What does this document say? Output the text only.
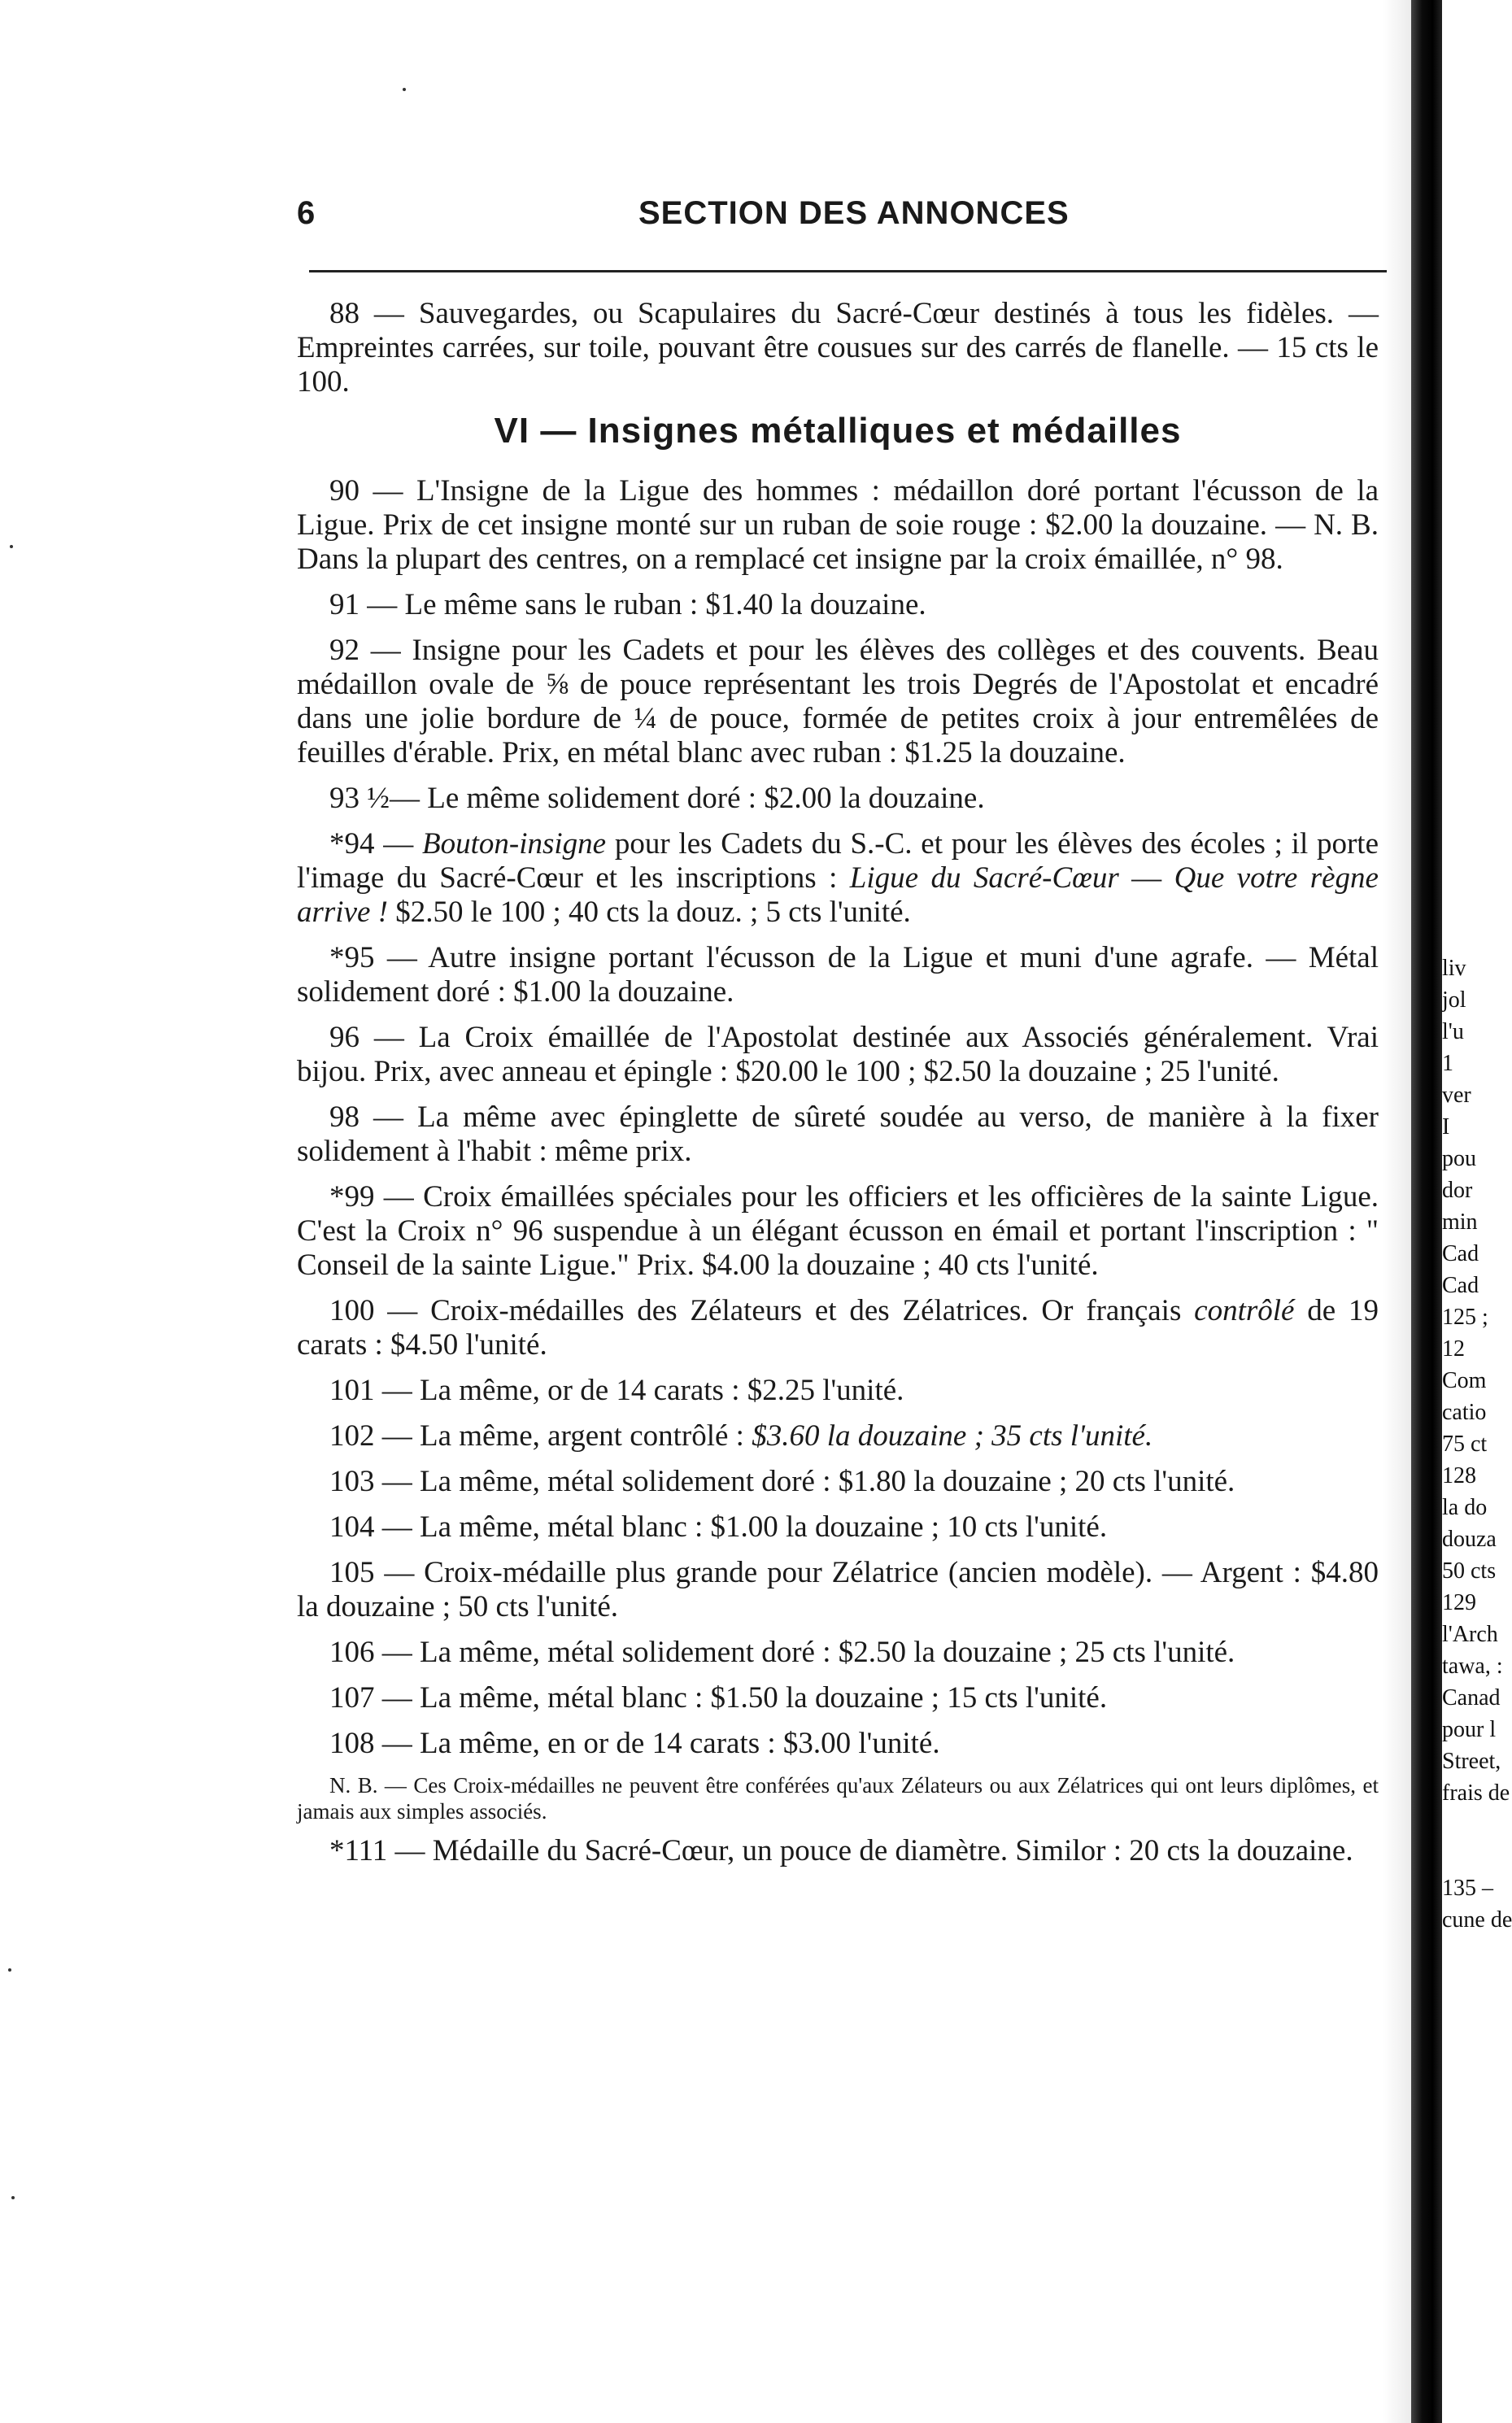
6	SECTION DES ANNONCES

88 — Sauvegardes, ou Scapulaires du Sacré-Cœur destinés à tous les fidèles. — Empreintes carrées, sur toile, pouvant être cousues sur des carrés de flanelle. — 15 cts le 100.

VI — Insignes métalliques et médailles

90 — L'Insigne de la Ligue des hommes : médaillon doré portant l'écusson de la Ligue. Prix de cet insigne monté sur un ruban de soie rouge : $2.00 la douzaine. — N. B. Dans la plupart des centres, on a remplacé cet insigne par la croix émaillée, n° 98.

91 — Le même sans le ruban : $1.40 la douzaine.

92 — Insigne pour les Cadets et pour les élèves des collèges et des couvents. Beau médaillon ovale de ⅝ de pouce représentant les trois Degrés de l'Apostolat et encadré dans une jolie bordure de ¼ de pouce, formée de petites croix à jour entremêlées de feuilles d'érable. Prix, en métal blanc avec ruban : $1.25 la douzaine.

93 ½— Le même solidement doré : $2.00 la douzaine.

*94 — Bouton-insigne pour les Cadets du S.-C. et pour les élèves des écoles ; il porte l'image du Sacré-Cœur et les inscriptions : Ligue du Sacré-Cœur — Que votre règne arrive ! $2.50 le 100 ; 40 cts la douz. ; 5 cts l'unité.

*95 — Autre insigne portant l'écusson de la Ligue et muni d'une agrafe. — Métal solidement doré : $1.00 la douzaine.

96 — La Croix émaillée de l'Apostolat destinée aux Associés généralement. Vrai bijou. Prix, avec anneau et épingle : $20.00 le 100 ; $2.50 la douzaine ; 25 l'unité.

98 — La même avec épinglette de sûreté soudée au verso, de manière à la fixer solidement à l'habit : même prix.

*99 — Croix émaillées spéciales pour les officiers et les officières de la sainte Ligue. C'est la Croix n° 96 suspendue à un élégant écusson en émail et portant l'inscription : " Conseil de la sainte Ligue." Prix. $4.00 la douzaine ; 40 cts l'unité.

100 — Croix-médailles des Zélateurs et des Zélatrices. Or français contrôlé de 19 carats : $4.50 l'unité.

101 — La même, or de 14 carats : $2.25 l'unité.

102 — La même, argent contrôlé : $3.60 la douzaine ; 35 cts l'unité.

103 — La même, métal solidement doré : $1.80 la douzaine ; 20 cts l'unité.

104 — La même, métal blanc : $1.00 la douzaine ; 10 cts l'unité.

105 — Croix-médaille plus grande pour Zélatrice (ancien modèle). — Argent : $4.80 la douzaine ; 50 cts l'unité.

106 — La même, métal solidement doré : $2.50 la douzaine ; 25 cts l'unité.

107 — La même, métal blanc : $1.50 la douzaine ; 15 cts l'unité.

108 — La même, en or de 14 carats : $3.00 l'unité.

N. B. — Ces Croix-médailles ne peuvent être conférées qu'aux Zélateurs ou aux Zélatrices qui ont leurs diplômes, et jamais aux simples associés.

*111 — Médaille du Sacré-Cœur, un pouce de diamètre. Similor : 20 cts la douzaine.

liv
jol
l'u
1
ver
I
pou
dor
min
Cad
Cad
125 ;
12
Com
catio
75 ct
128
la do
douza
50 cts
129
l'Arch
tawa, :
Canad
pour l
Street,
frais de
135 –
cune de
